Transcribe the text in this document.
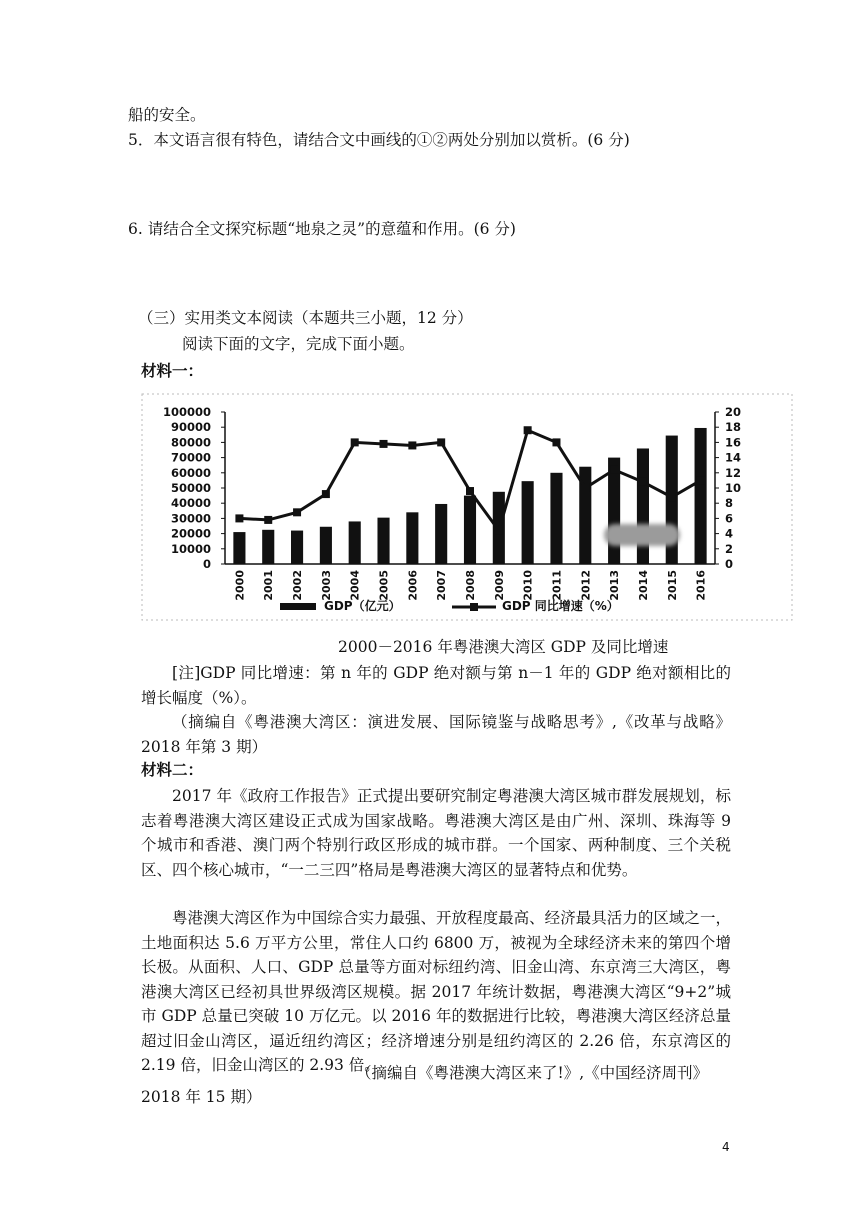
船的安全。
5．本文语言很有特色，请结合文中画线的①②两处分别加以赏析。(6 分)
6. 请结合全文探究标题“地泉之灵”的意蕴和作用。(6 分)
（三）实用类文本阅读（本题共三小题，12 分）
阅读下面的文字，完成下面小题。
材料一：
0
10000
20000
30000
40000
50000
60000
70000
80000
90000
100000
0
2
4
6
8
10
12
14
16
18
20
2000 2001 2002 2003 2004 2005 2006 2007 2008 2009 2010 2011 2012 2013 2014 2015 2016
GDP（亿元）	GDP 同比增速（%）
2000－2016 年粤港澳大湾区 GDP 及同比增速
[注]GDP 同比增速：第 n 年的 GDP 绝对额与第 n－1 年的 GDP 绝对额相比的增长幅度（%）。
（摘编自《粤港澳大湾区：演进发展、国际镜鉴与战略思考》,《改革与战略》2018 年第 3 期）
材料二：
2017 年《政府工作报告》正式提出要研究制定粤港澳大湾区城市群发展规划，标志着粤港澳大湾区建设正式成为国家战略。粤港澳大湾区是由广州、深圳、珠海等 9 个城市和香港、澳门两个特别行政区形成的城市群。一个国家、两种制度、三个关税区、四个核心城市，“一二三四”格局是粤港澳大湾区的显著特点和优势。
粤港澳大湾区作为中国综合实力最强、开放程度最高、经济最具活力的区域之一，土地面积达 5.6 万平方公里，常住人口约 6800 万，被视为全球经济未来的第四个增长极。从面积、人口、GDP 总量等方面对标纽约湾、旧金山湾、东京湾三大湾区，粤港澳大湾区已经初具世界级湾区规模。据 2017 年统计数据，粤港澳大湾区“9+2”城市 GDP 总量已突破 10 万亿元。以 2016 年的数据进行比较，粤港澳大湾区经济总量超过旧金山湾区，逼近纽约湾区；经济增速分别是纽约湾区的 2.26 倍，东京湾区的 2.19 倍，旧金山湾区的 2.93 倍。
（摘编自《粤港澳大湾区来了!》,《中国经济周刊》
2018 年 15 期）
4
